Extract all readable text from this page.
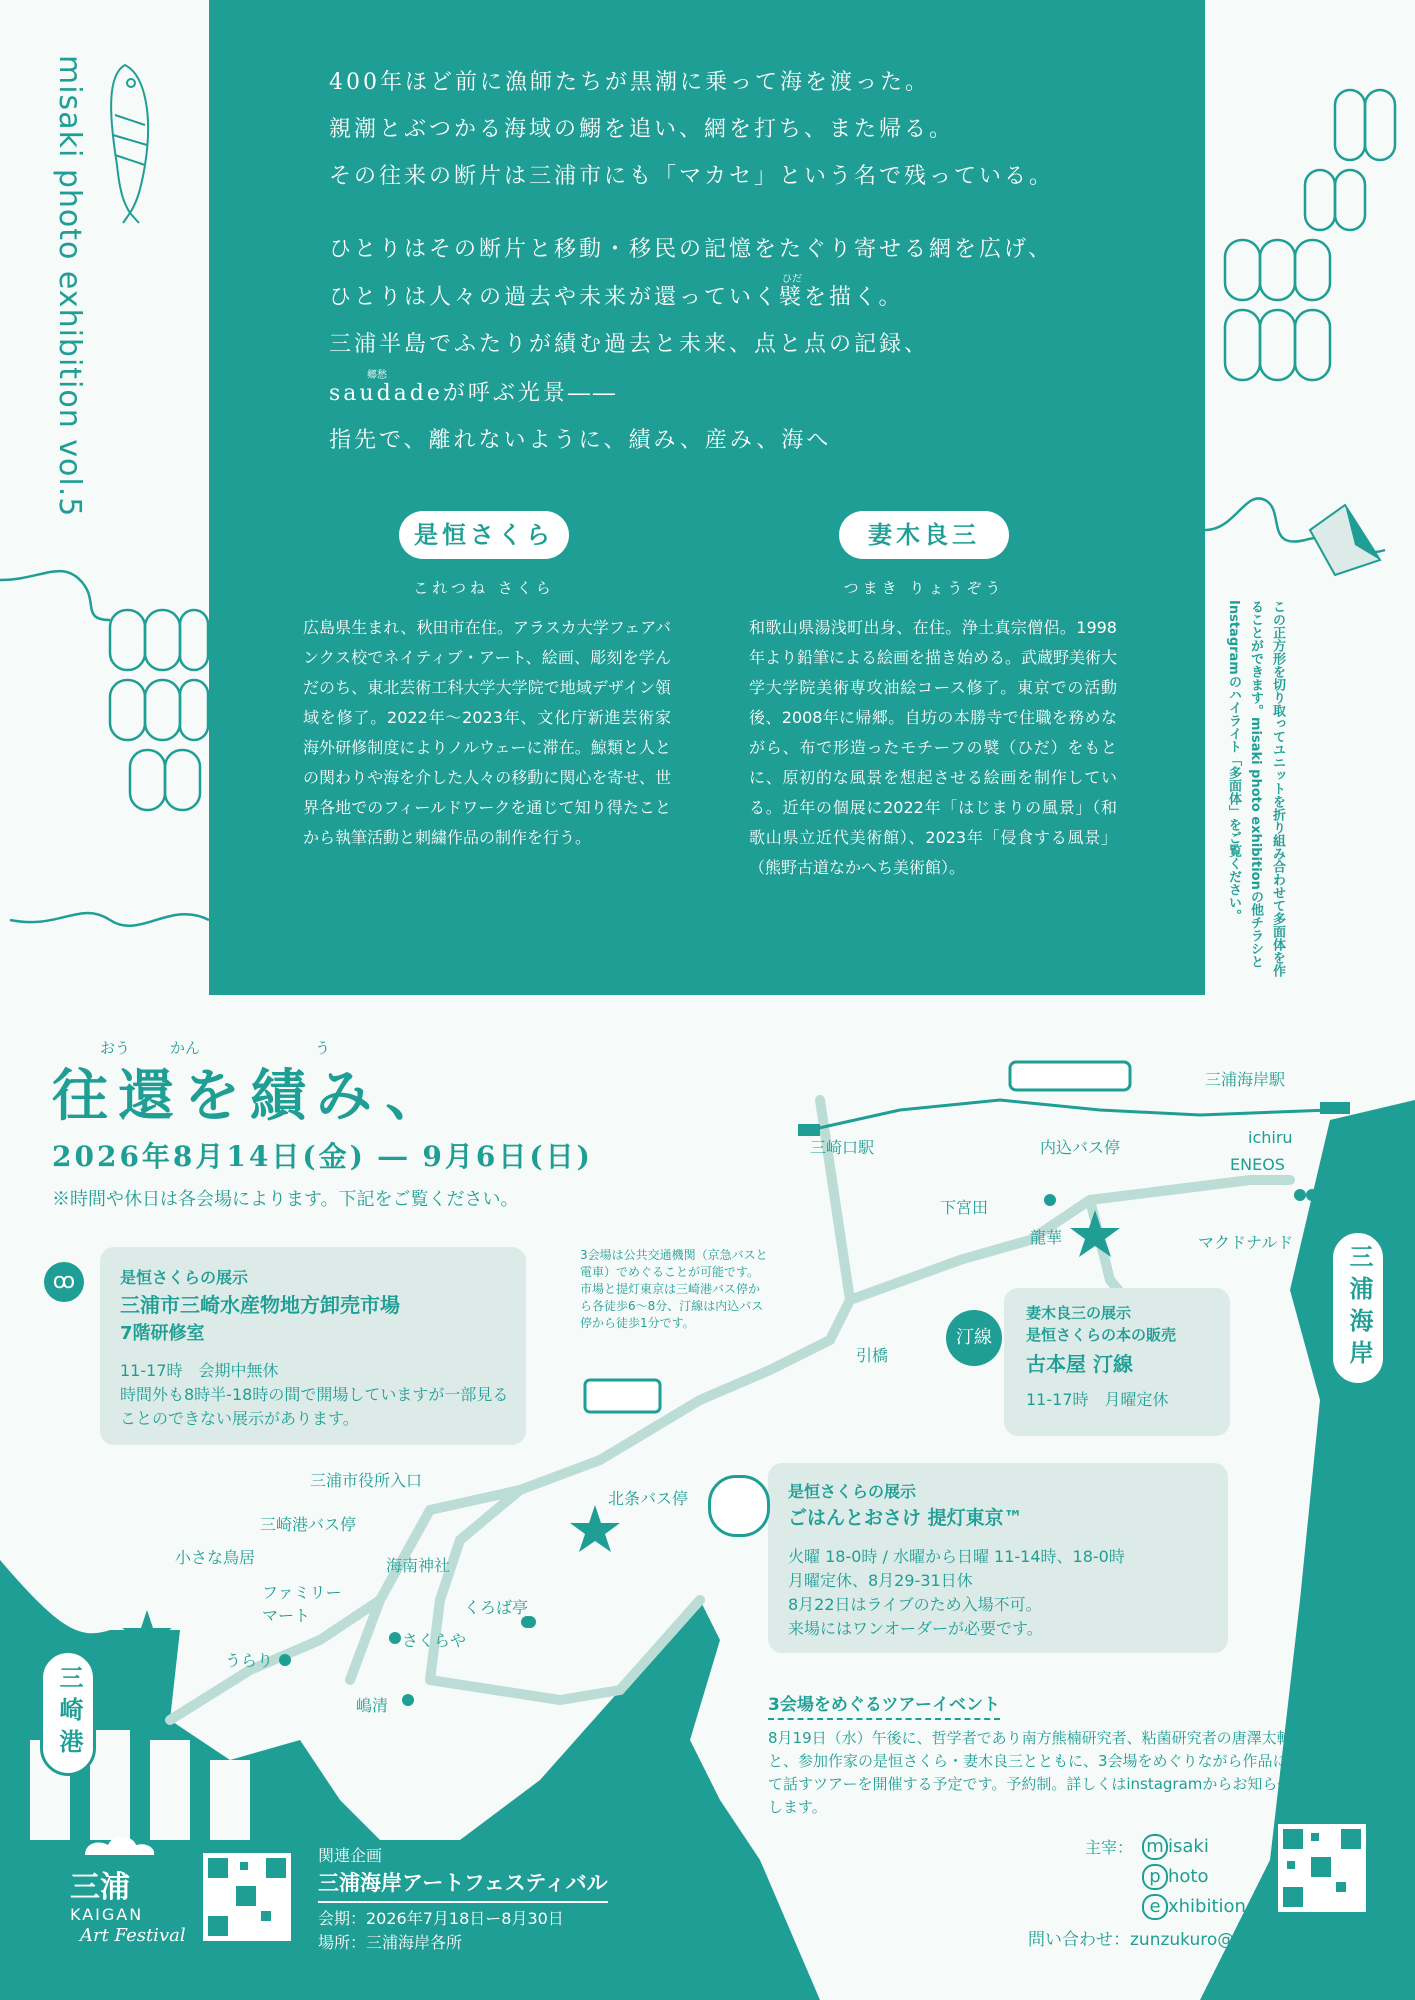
misaki photo exhibition vol.5	400年ほど前に漁師たちが黒潮に乗って海を渡った。

親潮とぶつかる海域の鰯を追い、網を打ち、また帰る。

その往来の断片は三浦市にも「マカセ」という名で残っている。

ひとりはその断片と移動・移民の記憶をたぐり寄せる網を広げ、

ひだ

ひとりは人々の過去や未来が還っていく襞を描く。

三浦半島でふたりが績む過去と未来、点と点の記録、

郷愁

saudadeが呼ぶ光景――

指先で、離れないように、績み、産み、海へ

是恒さくら
これつね さくら
広島県生まれ、秋田市在住。アラスカ大学フェアバンクス校でネイティブ・アート、絵画、彫刻を学んだのち、東北芸術工科大学大学院で地域デザイン領域を修了。2022年～2023年、文化庁新進芸術家海外研修制度によりノルウェーに滞在。鯨類と人との関わりや海を介した人々の移動に関心を寄せ、世界各地でのフィールドワークを通じて知り得たことから執筆活動と刺繍作品の制作を行う。
妻木良三
つまき りょうぞう
和歌山県湯浅町出身、在住。浄土真宗僧侶。1998年より鉛筆による絵画を描き始める。武蔵野美術大学大学院美術専攻油絵コース修了。東京での活動後、2008年に帰郷。自坊の本勝寺で住職を務めながら、布で形造ったモチーフの襞（ひだ）をもとに、原初的な風景を想起させる絵画を制作している。近年の個展に2022年「はじまりの風景」（和歌山県立近代美術館）、2023年「侵食する風景」（熊野古道なかへち美術館）。	この正方形を切り取ってユニットを折り組み合わせて多面体を作ることができます。misaki photo exhibitionの他チラシとInstagramのハイライト「多面体」をご覧ください。
おう	かん	う
往還を績み、
2026年8月14日(金) ― 9月6日(日)
※時間や休日は各会場によります。下記をご覧ください。
三浦海岸駅
三崎口駅	内込バス停
ichiru
ENEOS
下宮田
龍華	マクドナルド
引橋
三浦市役所入口
三崎港バス停
小さな鳥居
ファミリーマート
海南神社
くろば亭
さくらや
うらり
嶋清
北条バス停
3会場は公共交通機関（京急バスと電車）でめぐることが可能です。市場と提灯東京は三崎港バス停から各徒歩6〜8分、汀線は内込バス停から徒歩1分です。
是恒さくらの展示
三浦市三崎水産物地方卸売市場
7階研修室
11-17時　会期中無休
時間外も8時半-18時の間で開場していますが一部見ることのできない展示があります。
ꝏ
妻木良三の展示
是恒さくらの本の販売
古本屋 汀線
11-17時　月曜定休
汀線
是恒さくらの展示
ごはんとおさけ 提灯東京™
火曜 18-0時 / 水曜から日曜 11-14時、18-0時
月曜定休、8月29-31日休
8月22日はライブのため入場不可。
来場にはワンオーダーが必要です。
三浦海岸
三崎港	3会場をめぐるツアーイベント
8月19日（水）午後に、哲学者であり南方熊楠研究者、粘菌研究者の唐澤太輔さんと、参加作家の是恒さくら・妻木良三とともに、3会場をめぐりながら作品について話すツアーを開催する予定です。予約制。詳しくはinstagramからお知らせいたします。
主宰： m isaki
p hoto
e xhibition
問い合わせ：zunzukuro@gmail.com
三浦
KAIGAN
Art Festival
関連企画
三浦海岸アートフェスティバル
会期：2026年7月18日ー8月30日
場所：三浦海岸各所
